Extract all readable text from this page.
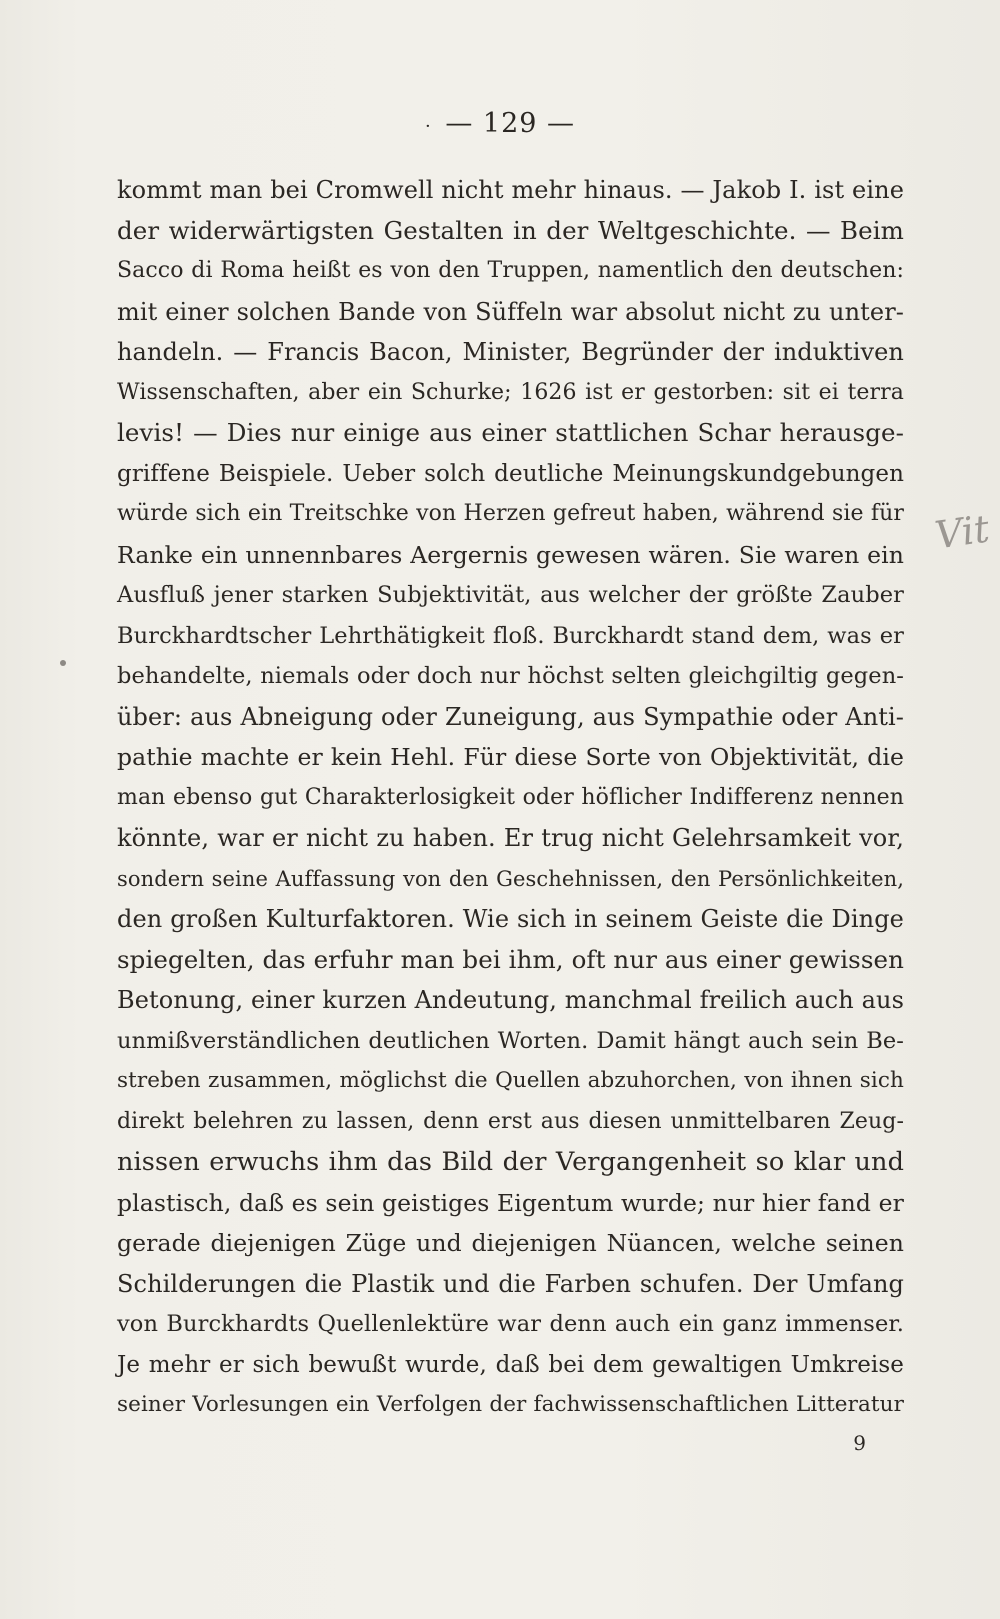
· — 129 —
kommt man bei Cromwell nicht mehr hinaus. — Jakob I. ist eine
der widerwärtigsten Gestalten in der Weltgeschichte. — Beim
Sacco di Roma heißt es von den Truppen, namentlich den deutschen:
mit einer solchen Bande von Süffeln war absolut nicht zu unter-
handeln. — Francis Bacon, Minister, Begründer der induktiven
Wissenschaften, aber ein Schurke; 1626 ist er gestorben: sit ei terra
levis! — Dies nur einige aus einer stattlichen Schar herausge-
griffene Beispiele. Ueber solch deutliche Meinungskundgebungen
würde sich ein Treitschke von Herzen gefreut haben, während sie für
Ranke ein unnennbares Aergernis gewesen wären. Sie waren ein
Ausfluß jener starken Subjektivität, aus welcher der größte Zauber
Burckhardtscher Lehrthätigkeit floß. Burckhardt stand dem, was er
behandelte, niemals oder doch nur höchst selten gleichgiltig gegen-
über: aus Abneigung oder Zuneigung, aus Sympathie oder Anti-
pathie machte er kein Hehl. Für diese Sorte von Objektivität, die
man ebenso gut Charakterlosigkeit oder höflicher Indifferenz nennen
könnte, war er nicht zu haben. Er trug nicht Gelehrsamkeit vor,
sondern seine Auffassung von den Geschehnissen, den Persönlichkeiten,
den großen Kulturfaktoren. Wie sich in seinem Geiste die Dinge
spiegelten, das erfuhr man bei ihm, oft nur aus einer gewissen
Betonung, einer kurzen Andeutung, manchmal freilich auch aus
unmißverständlichen deutlichen Worten. Damit hängt auch sein Be-
streben zusammen, möglichst die Quellen abzuhorchen, von ihnen sich
direkt belehren zu lassen, denn erst aus diesen unmittelbaren Zeug-
nissen erwuchs ihm das Bild der Vergangenheit so klar und
plastisch, daß es sein geistiges Eigentum wurde; nur hier fand er
gerade diejenigen Züge und diejenigen Nüancen, welche seinen
Schilderungen die Plastik und die Farben schufen. Der Umfang
von Burckhardts Quellenlektüre war denn auch ein ganz immenser.
Je mehr er sich bewußt wurde, daß bei dem gewaltigen Umkreise
seiner Vorlesungen ein Verfolgen der fachwissenschaftlichen Litteratur
9
Vit
